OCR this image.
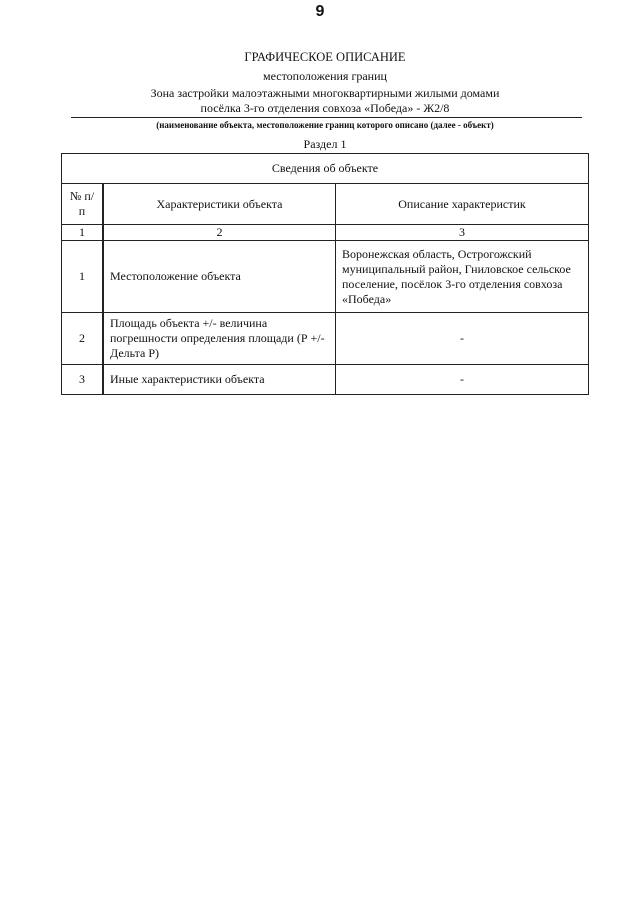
9
ГРАФИЧЕСКОЕ ОПИСАНИЕ
местоположения границ
Зона застройки малоэтажными многоквартирными жилыми домами
посёлка 3-го отделения совхоза «Победа» - Ж2/8
(наименование объекта, местоположение границ которого описано (далее - объект)
Раздел 1
Сведения об объекте		
№ п/п	Характеристики объекта	Описание характеристик
1	2	3
1	Местоположение объекта	Воронежская область, Острогожский муниципальный район, Гниловское сельское поселение, посёлок 3-го отделения совхоза «Победа»
2	Площадь объекта +/- величина погрешности определения площади (Р +/- Дельта Р)	-
3	Иные характеристики объекта	-
